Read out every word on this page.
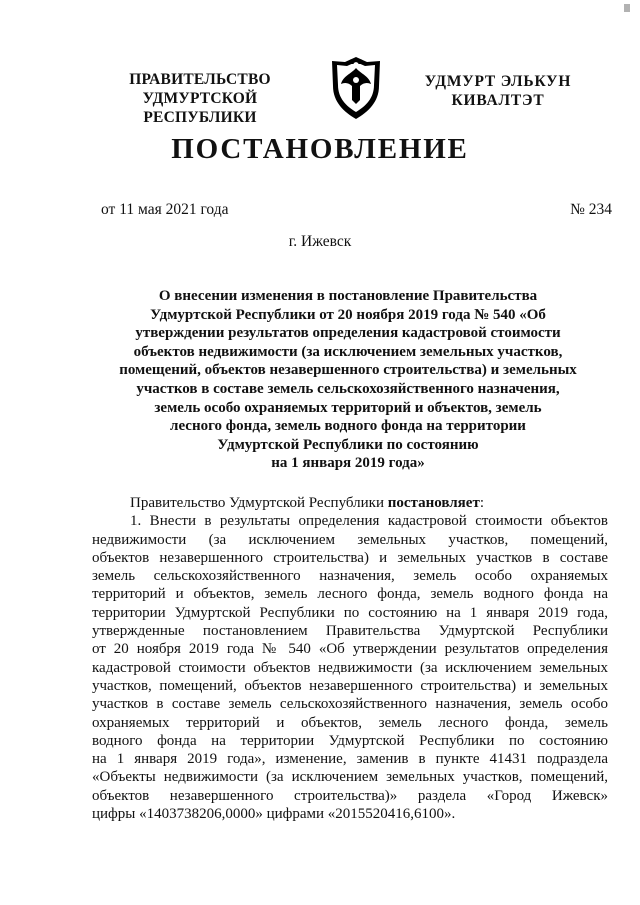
ПРАВИТЕЛЬСТВО
УДМУРТСКОЙ РЕСПУБЛИКИ
УДМУРТ ЭЛЬКУН
КИВАЛТЭТ
ПОСТАНОВЛЕНИЕ
от 11 мая 2021 года	№ 234
г. Ижевск
О внесении изменения в постановление Правительства
Удмуртской Республики от 20 ноября 2019 года № 540 «Об
утверждении результатов определения кадастровой стоимости
объектов недвижимости (за исключением земельных участков,
помещений, объектов незавершенного строительства) и земельных
участков в составе земель сельскохозяйственного назначения,
земель особо охраняемых территорий и объектов, земель
лесного фонда, земель водного фонда на территории
Удмуртской Республики по состоянию
на 1 января 2019 года»
Правительство Удмуртской Республики постановляет:
1. Внести в результаты определения кадастровой стоимости объектов
недвижимости (за исключением земельных участков, помещений,
объектов незавершенного строительства) и земельных участков в составе
земель сельскохозяйственного назначения, земель особо охраняемых
территорий и объектов, земель лесного фонда, земель водного фонда на
территории Удмуртской Республики по состоянию на 1 января 2019 года,
утвержденные постановлением Правительства Удмуртской Республики
от 20 ноября 2019 года № 540 «Об утверждении результатов определения
кадастровой стоимости объектов недвижимости (за исключением земельных
участков, помещений, объектов незавершенного строительства) и земельных
участков в составе земель сельскохозяйственного назначения, земель особо
охраняемых территорий и объектов, земель лесного фонда, земель
водного фонда на территории Удмуртской Республики по состоянию
на 1 января 2019 года», изменение, заменив в пункте 41431 подраздела
«Объекты недвижимости (за исключением земельных участков, помещений,
объектов незавершенного строительства)» раздела «Город Ижевск»
цифры «1403738206,0000» цифрами «2015520416,6100».
